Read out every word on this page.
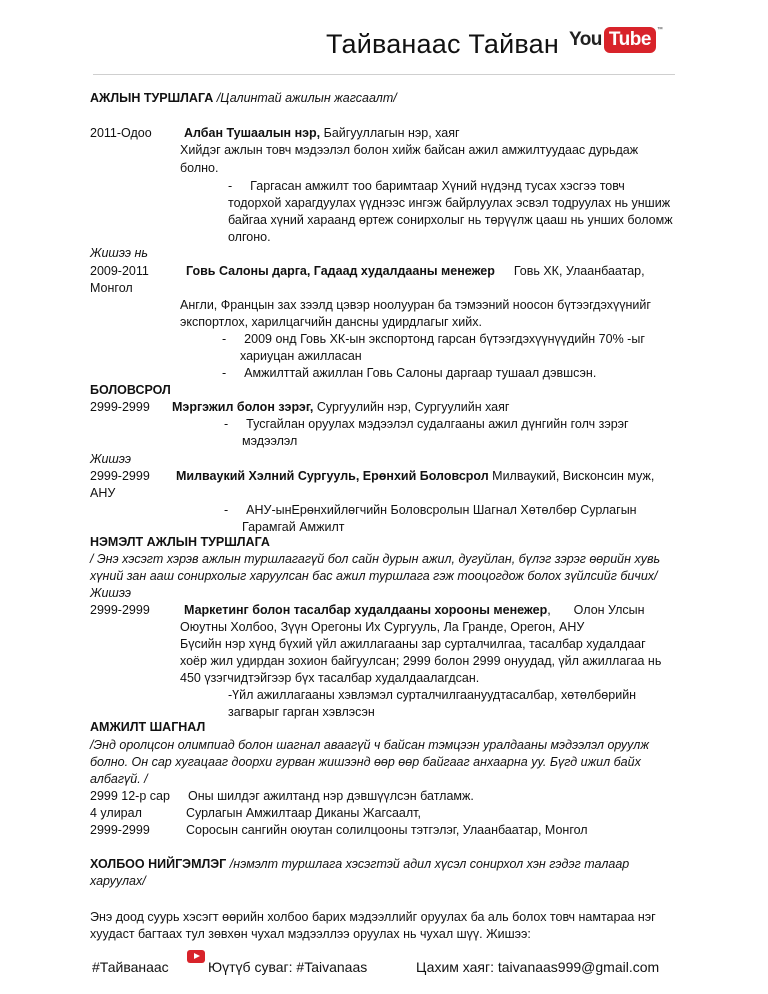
Тайванаас Тайван You Tube	™
АЖЛЫН ТУРШЛАГА /Цалинтай ажилын жагсаалт/
2011-Одоо	Албан Тушаалын нэр, Байгууллагын нэр, хаяг
Хийдэг ажлын товч мэдээлэл болон хийж байсан ажил амжилтуудаас дурьдаж
болно.
- Гаргасан амжилт тоо баримтаар Хүний нүдэнд тусах хэсгээ товч
тодорхой харагдуулах үүднээс ингэж байрлуулах эсвэл тодруулах нь уншиж
байгаа хүний хараанд өртеж сонирхолыг нь төрүүлж цааш нь унших боломж
олгоно.
Жишээ нь
2009-2011	Говь Салоны дарга, Гадаад худалдааны менежер Говь ХК, Улаанбаатар,
Монгол
Англи, Францын зах зээлд цэвэр ноолууран ба тэмээний нооcон бүтээгдэхүүнийг
экспортлох, харилцагчийн дансны удирдлагыг хийх.
- 2009 онд Говь ХК-ын экспортонд гарсан бүтээгдэхүүнүүдийн 70% -ыг
хариуцан ажилласан
- Амжилттай ажиллан Говь Салоны даргаар тушаал дэвшсэн.
БОЛОВСРОЛ
2999-2999 Мэргэжил болон зэрэг, Сургуулийн нэр, Сургуулийн хаяг
- Тусгайлан оруулах мэдээлэл судалгааны ажил дүнгийн голч зэрэг
мэдээлэл
Жишээ
2999-2999 Милваукий Хэлний Сургууль, Ерөнхий Боловсрол Милваукий, Висконсин муж,
АНУ
- АНУ-ынЕрөнхийлөгчийн Боловсролын Шагнал Хөтөлбөр Сурлагын
Гарамгай Амжилт
НЭМЭЛТ АЖЛЫН ТУРШЛАГА
/ Энэ хэсэгт хэрэв ажлын туршлагагүй бол сайн дурын ажил, дугуйлан, бүлэг зэрэг өөрийн хувь
хүний зан ааш сонирхолыг харуулсан бас ажил туршлага гэж тооцогдож болох зүйлсийг бичих/
Жишээ
2999-2999	Маркетинг болон тасалбар худалдааны хорооны менежер, Олон Улсын
Оюутны Холбоо, Зүүн Орегоны Их Сургууль, Ла Гранде, Орегон, АНУ
Бүсийн нэр хүнд бүхий үйл ажиллагааны зар сурталчилгаа, тасалбар худалдааг
хоёр жил удирдан зохион байгуулсан; 2999 болон 2999 онуудад, үйл ажиллагаа нь
450 үзэгчидтэйгээр бүх тасалбар худалдаалагдсан.
-Үйл ажиллагааны хэвлэмэл сурталчилгаануудтасалбар, хөтөлбөрийн
загварыг гарган хэвлэсэн
АМЖИЛТ ШАГНАЛ
/Энд оролцсон олимпиад болон шагнал аваагүй ч байсан тэмцээн уралдааны мэдээлэл оруулж
болно. Он сар хугацааг доорхи гурван жишээнд өөр өөр байгааг анхаарна уу. Бүгд ижил байх
албагүй. /
2999 12-р сар Оны шилдэг ажилтанд нэр дэвшүүлсэн батламж.
4 улирал	Сурлагын Амжилтаар Диканы Жагсаалт,
2999-2999	Соросын сангийн оюутан солилцооны тэтгэлэг, Улаанбаатар, Монгол
ХОЛБОО НИЙГЭМЛЭГ /нэмэлт туршлага хэсэгтэй адил хүсэл сонирхол хэн гэдэг талаар
харуулах/
Энэ доод суурь хэсэгт өөрийн холбоо барих мэдээллийг оруулах ба аль болох товч намтараа нэг
хуудаст багтаах тул зөвхөн чухал мэдээллээ оруулах нь чухал шүү. Жишээ:
#Тайванаас	Юүтүб суваг: #Taivanaas	Цахим хаяг: taivanaas999@gmail.com
